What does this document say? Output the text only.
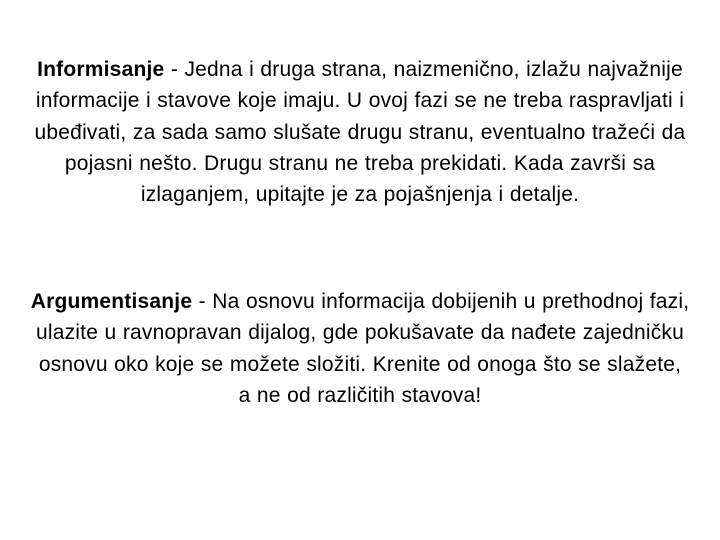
Informisanje - Jedna i druga strana, naizmenično, izlažu najvažnije informacije i stavove koje imaju. U ovoj fazi se ne treba raspravljati i ubeđivati, za sada samo slušate drugu stranu, eventualno tražeći da pojasni nešto. Drugu stranu ne treba prekidati. Kada završi sa izlaganjem, upitajte je za pojašnjenja i detalje.

Argumentisanje - Na osnovu informacija dobijenih u prethodnoj fazi, ulazite u ravnopravan dijalog, gde pokušavate da nađete zajedničku osnovu oko koje se možete složiti. Krenite od onoga što se slažete, a ne od različitih stavova!
